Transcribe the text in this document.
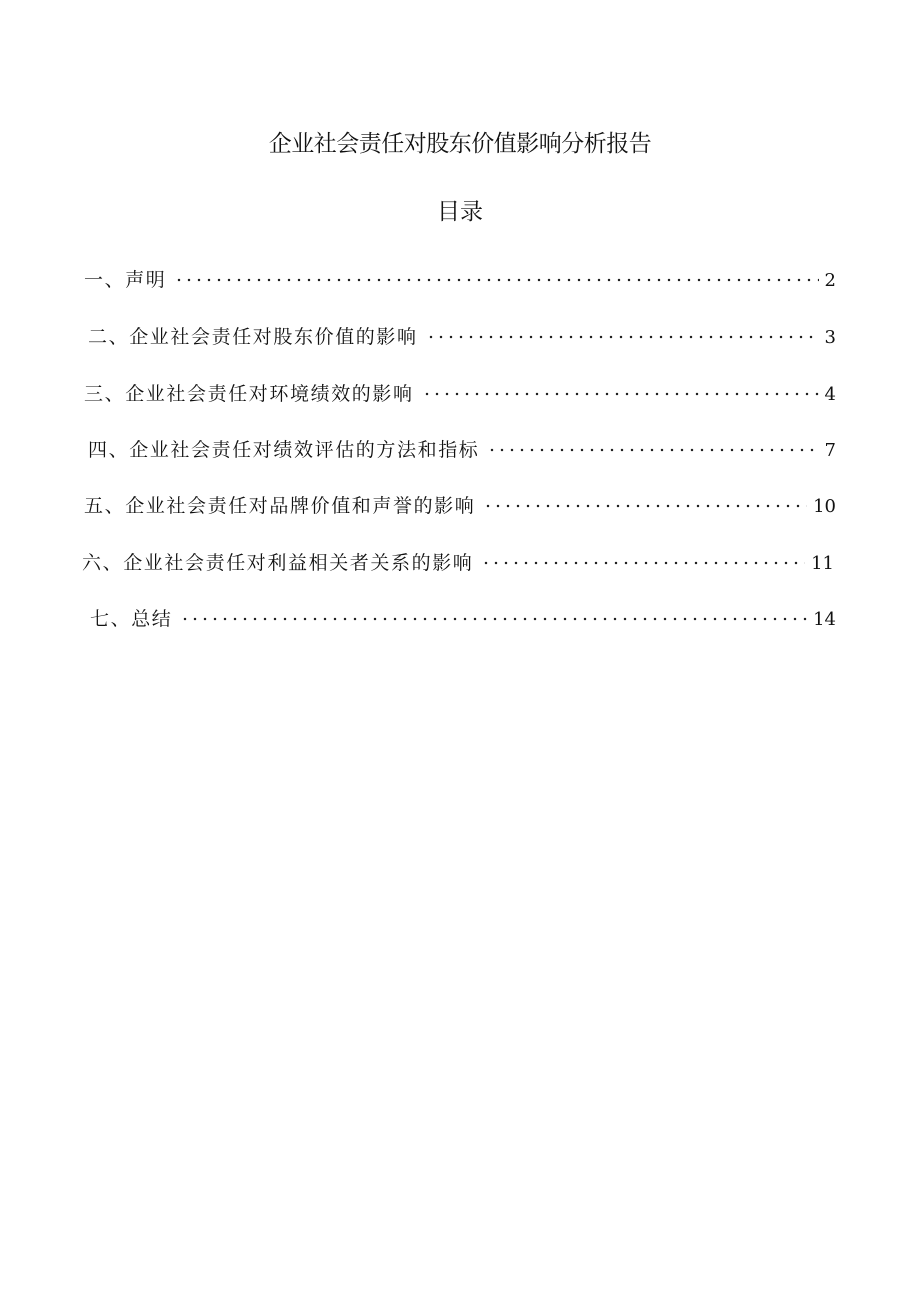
企业社会责任对股东价值影响分析报告
目录
一、声明	2
二、企业社会责任对股东价值的影响	3
三、企业社会责任对环境绩效的影响	4
四、企业社会责任对绩效评估的方法和指标	7
五、企业社会责任对品牌价值和声誉的影响	10
六、企业社会责任对利益相关者关系的影响	11
七、总结	14
